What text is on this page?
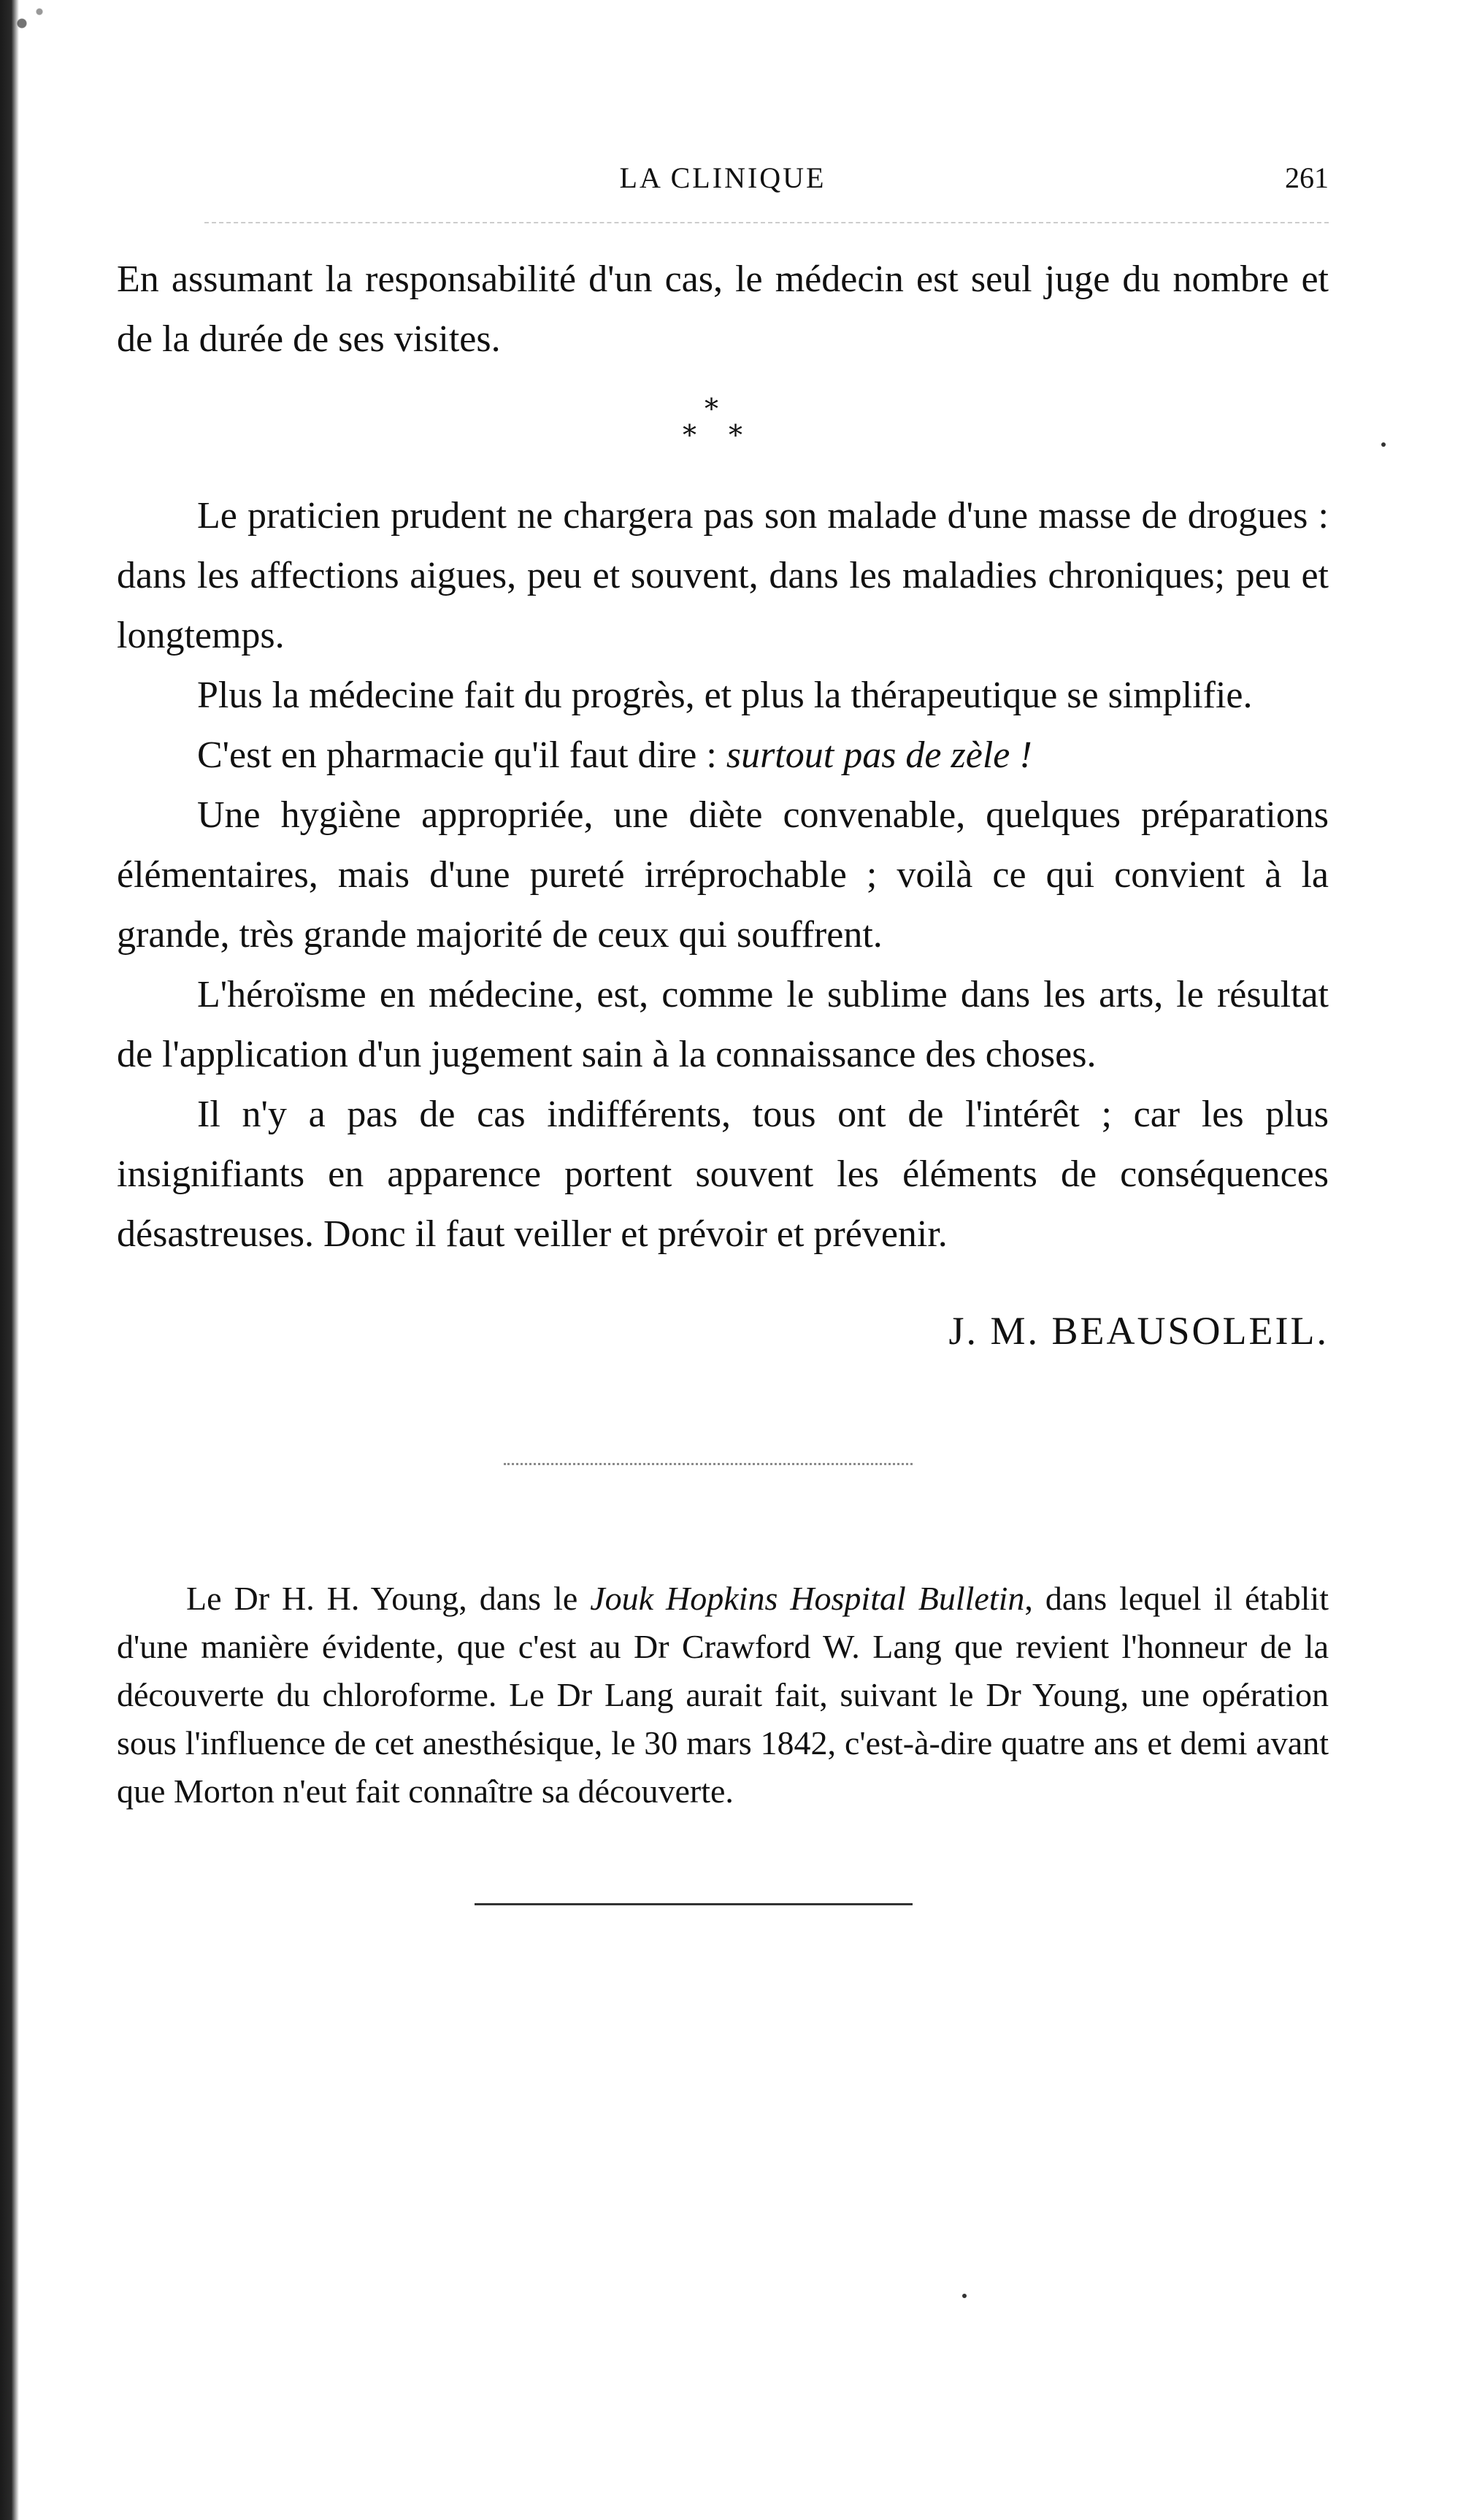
LA CLINIQUE	261

En assumant la responsabilité d'un cas, le médecin est seul juge du nombre et de la durée de ses visites.

*
* *

Le praticien prudent ne chargera pas son malade d'une masse de drogues : dans les affections aigues, peu et souvent, dans les maladies chroniques; peu et longtemps.

Plus la médecine fait du progrès, et plus la thérapeutique se simplifie.

C'est en pharmacie qu'il faut dire : surtout pas de zèle !

Une hygiène appropriée, une diète convenable, quelques préparations élémentaires, mais d'une pureté irréprochable ; voilà ce qui convient à la grande, très grande majorité de ceux qui souffrent.

L'héroïsme en médecine, est, comme le sublime dans les arts, le résultat de l'application d'un jugement sain à la connaissance des choses.

Il n'y a pas de cas indifférents, tous ont de l'intérêt ; car les plus insignifiants en apparence portent souvent les éléments de conséquences désastreuses. Donc il faut veiller et prévoir et prévenir.

J. M. BEAUSOLEIL.

Le Dr H. H. Young, dans le Jouk Hopkins Hospital Bulletin, dans lequel il établit d'une manière évidente, que c'est au Dr Crawford W. Lang que revient l'honneur de la découverte du chloroforme. Le Dr Lang aurait fait, suivant le Dr Young, une opération sous l'influence de cet anesthésique, le 30 mars 1842, c'est-à-dire quatre ans et demi avant que Morton n'eut fait connaître sa découverte.
